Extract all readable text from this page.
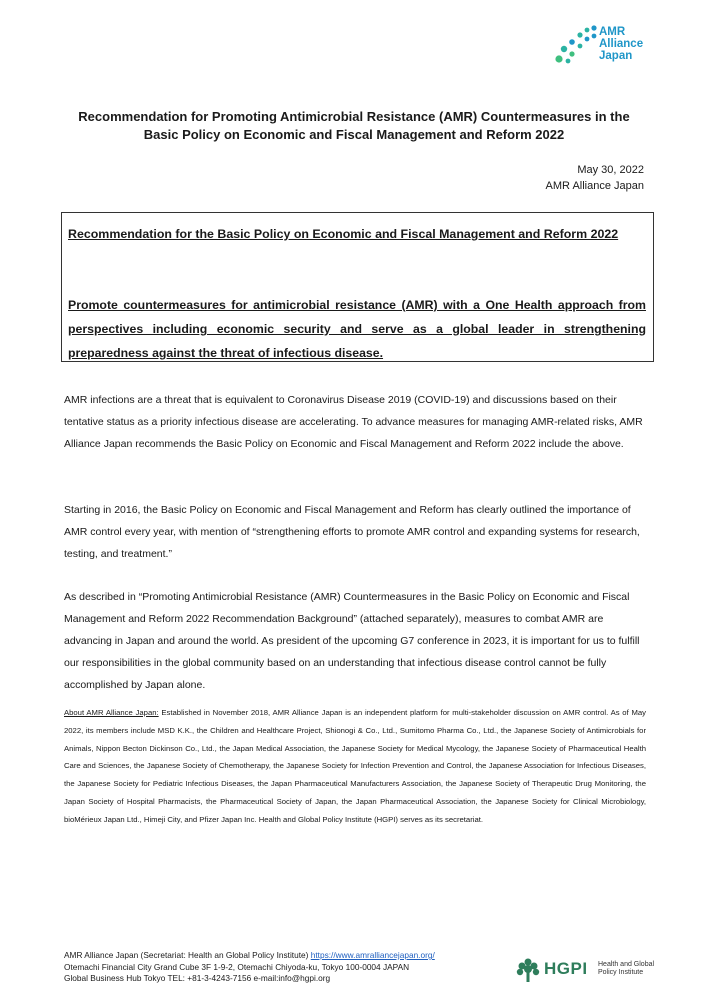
AMR
Alliance
Japan
Recommendation for Promoting Antimicrobial Resistance (AMR) Countermeasures in the
Basic Policy on Economic and Fiscal Management and Reform 2022
May 30, 2022
AMR Alliance Japan
Recommendation for the Basic Policy on Economic and Fiscal Management and Reform 2022
Promote countermeasures for antimicrobial resistance (AMR) with a One Health approach from perspectives including economic security and serve as a global leader in strengthening preparedness against the threat of infectious disease.
AMR infections are a threat that is equivalent to Coronavirus Disease 2019 (COVID-19) and discussions based on their tentative status as a priority infectious disease are accelerating. To advance measures for managing AMR-related risks, AMR Alliance Japan recommends the Basic Policy on Economic and Fiscal Management and Reform 2022 include the above.
Starting in 2016, the Basic Policy on Economic and Fiscal Management and Reform has clearly outlined the importance of AMR control every year, with mention of “strengthening efforts to promote AMR control and expanding systems for research, testing, and treatment.”
As described in “Promoting Antimicrobial Resistance (AMR) Countermeasures in the Basic Policy on Economic and Fiscal Management and Reform 2022 Recommendation Background” (attached separately), measures to combat AMR are advancing in Japan and around the world. As president of the upcoming G7 conference in 2023, it is important for us to fulfill our responsibilities in the global community based on an understanding that infectious disease control cannot be fully accomplished by Japan alone.
About AMR Alliance Japan: Established in November 2018, AMR Alliance Japan is an independent platform for multi-stakeholder discussion on AMR control. As of May 2022, its members include MSD K.K., the Children and Healthcare Project, Shionogi & Co., Ltd., Sumitomo Pharma Co., Ltd., the Japanese Society of Antimicrobials for Animals, Nippon Becton Dickinson Co., Ltd., the Japan Medical Association, the Japanese Society for Medical Mycology, the Japanese Society of Pharmaceutical Health Care and Sciences, the Japanese Society of Chemotherapy, the Japanese Society for Infection Prevention and Control, the Japanese Association for Infectious Diseases, the Japanese Society for Pediatric Infectious Diseases, the Japan Pharmaceutical Manufacturers Association, the Japanese Society of Therapeutic Drug Monitoring, the Japan Society of Hospital Pharmacists, the Pharmaceutical Society of Japan, the Japan Pharmaceutical Association, the Japanese Society for Clinical Microbiology, bioMérieux Japan Ltd., Himeji City, and Pfizer Japan Inc. Health and Global Policy Institute (HGPI) serves as its secretariat.
AMR Alliance Japan (Secretariat: Health an Global Policy Institute) https://www.amralliancejapan.org/
Otemachi Financial City Grand Cube 3F 1-9-2, Otemachi Chiyoda-ku, Tokyo 100-0004 JAPAN
Global Business Hub Tokyo TEL: +81-3-4243-7156 e-mail:info@hgpi.org	HGPI Health and Global
Policy Institute
